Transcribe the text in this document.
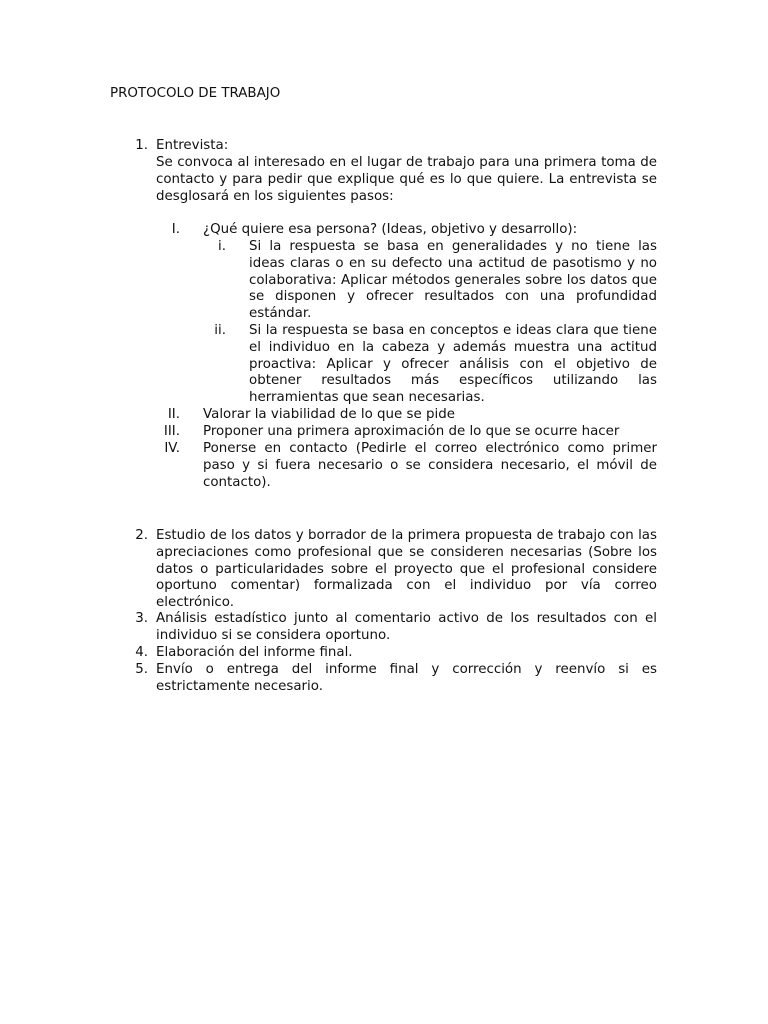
PROTOCOLO DE TRABAJO
1. Entrevista:
Se convoca al interesado en el lugar de trabajo para una primera toma de contacto y para pedir que explique qué es lo que quiere. La entrevista se desglosará en los siguientes pasos:
I. ¿Qué quiere esa persona? (Ideas, objetivo y desarrollo):
i. Si la respuesta se basa en generalidades y no tiene las ideas claras o en su defecto una actitud de pasotismo y no colaborativa: Aplicar métodos generales sobre los datos que se disponen y ofrecer resultados con una profundidad estándar.
ii. Si la respuesta se basa en conceptos e ideas clara que tiene el individuo en la cabeza y además muestra una actitud proactiva: Aplicar y ofrecer análisis con el objetivo de obtener resultados más específicos utilizando las herramientas que sean necesarias.
II. Valorar la viabilidad de lo que se pide
III. Proponer una primera aproximación de lo que se ocurre hacer
IV. Ponerse en contacto (Pedirle el correo electrónico como primer paso y si fuera necesario o se considera necesario, el móvil de contacto).
2. Estudio de los datos y borrador de la primera propuesta de trabajo con las apreciaciones como profesional que se consideren necesarias (Sobre los datos o particularidades sobre el proyecto que el profesional considere oportuno comentar) formalizada con el individuo por vía correo electrónico.
3. Análisis estadístico junto al comentario activo de los resultados con el individuo si se considera oportuno.
4. Elaboración del informe final.
5. Envío o entrega del informe final y corrección y reenvío si es estrictamente necesario.
